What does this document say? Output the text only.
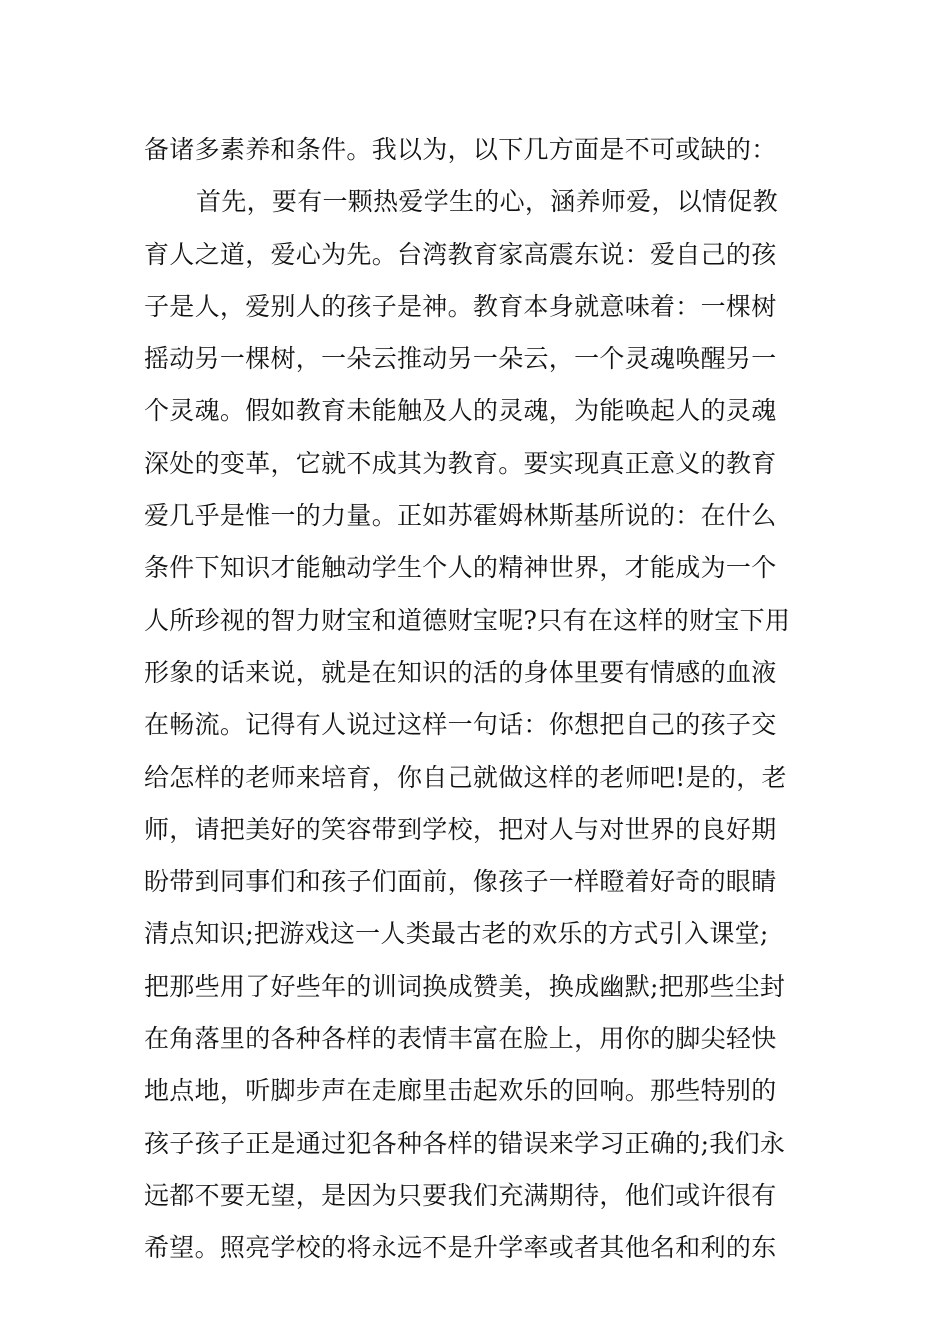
备诸多素养和条件。我以为，以下几方面是不可或缺的：
首先，要有一颗热爱学生的心，涵养师爱，以情促教
育人之道，爱心为先。台湾教育家高震东说：爱自己的孩
子是人，爱别人的孩子是神。教育本身就意味着：一棵树
摇动另一棵树，一朵云推动另一朵云，一个灵魂唤醒另一
个灵魂。假如教育未能触及人的灵魂，为能唤起人的灵魂
深处的变革，它就不成其为教育。要实现真正意义的教育
爱几乎是惟一的力量。正如苏霍姆林斯基所说的：在什么
条件下知识才能触动学生个人的精神世界，才能成为一个
人所珍视的智力财宝和道德财宝呢?只有在这样的财宝下用
形象的话来说，就是在知识的活的身体里要有情感的血液
在畅流。记得有人说过这样一句话：你想把自己的孩子交
给怎样的老师来培育，你自己就做这样的老师吧!是的，老
师，请把美好的笑容带到学校，把对人与对世界的良好期
盼带到同事们和孩子们面前，像孩子一样瞪着好奇的眼睛
清点知识;把游戏这一人类最古老的欢乐的方式引入课堂;
把那些用了好些年的训词换成赞美，换成幽默;把那些尘封
在角落里的各种各样的表情丰富在脸上，用你的脚尖轻快
地点地，听脚步声在走廊里击起欢乐的回响。那些特别的
孩子孩子正是通过犯各种各样的错误来学习正确的;我们永
远都不要无望，是因为只要我们充满期待，他们或许很有
希望。照亮学校的将永远不是升学率或者其他名和利的东
